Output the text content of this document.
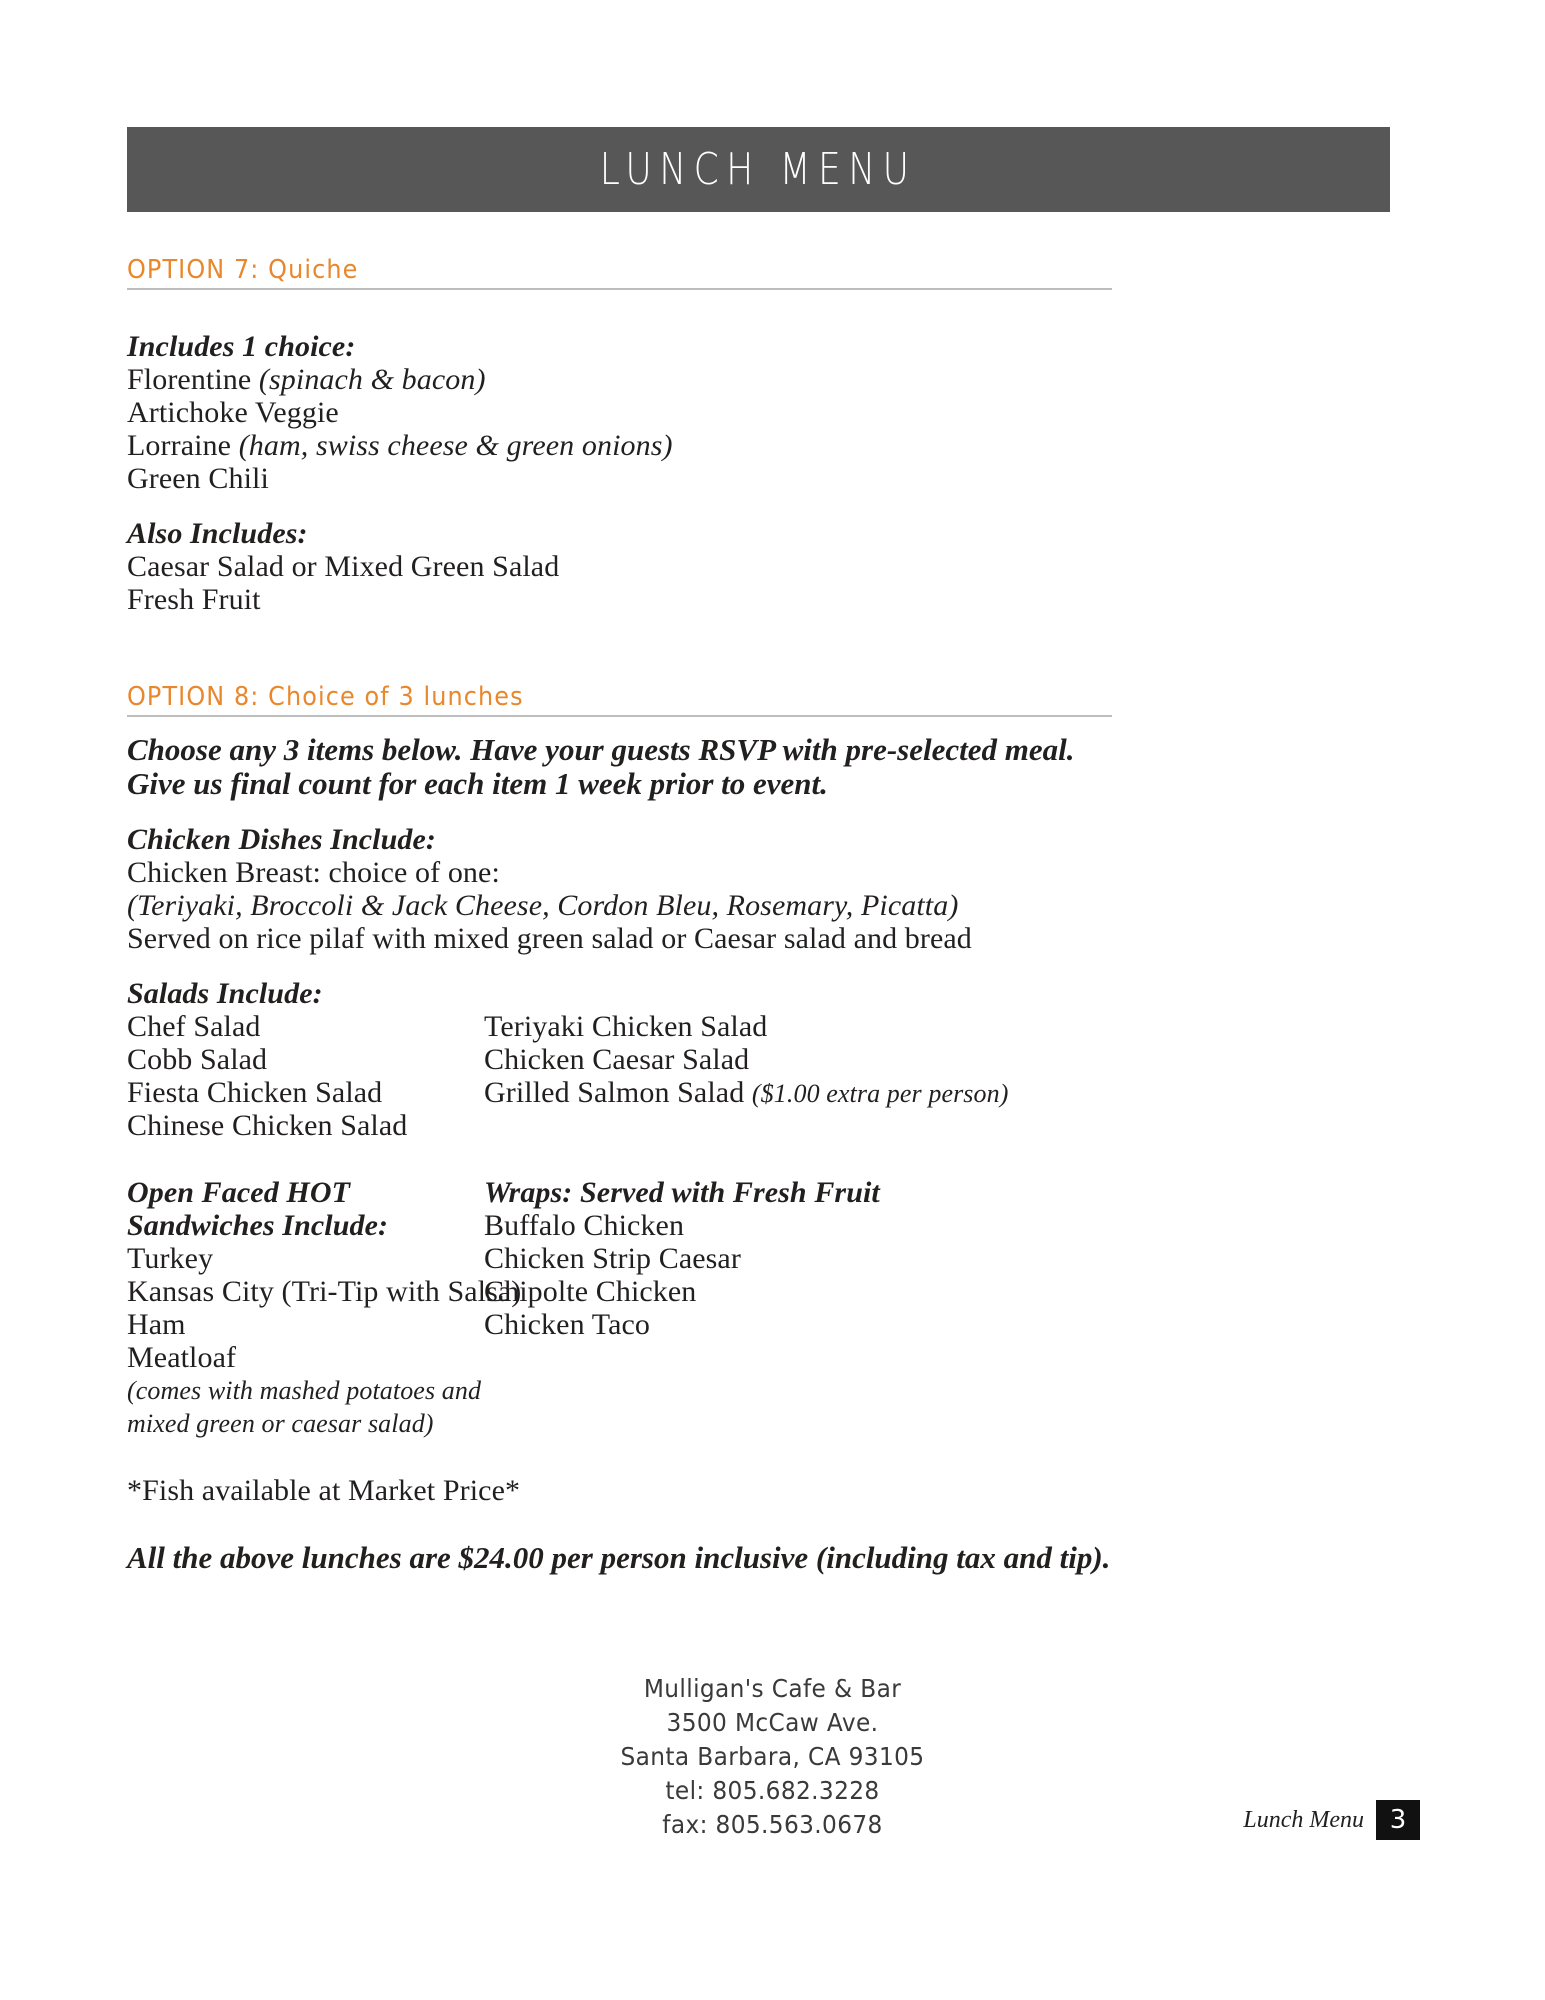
LUNCH MENU
OPTION 7: Quiche
Includes 1 choice:
Florentine (spinach & bacon)
Artichoke Veggie
Lorraine (ham, swiss cheese & green onions)
Green Chili
Also Includes:
Caesar Salad or Mixed Green Salad
Fresh Fruit
OPTION 8: Choice of 3 lunches
Choose any 3 items below. Have your guests RSVP with pre-selected meal.
Give us final count for each item 1 week prior to event.
Chicken Dishes Include:
Chicken Breast: choice of one:
(Teriyaki, Broccoli & Jack Cheese, Cordon Bleu, Rosemary, Picatta)
Served on rice pilaf with mixed green salad or Caesar salad and bread
Salads Include:
Chef Salad
Cobb Salad
Fiesta Chicken Salad
Chinese Chicken Salad
Teriyaki Chicken Salad
Chicken Caesar Salad
Grilled Salmon Salad ($1.00 extra per person)
Open Faced HOT
Sandwiches Include:
Turkey
Kansas City (Tri-Tip with Salsa)
Ham
Meatloaf
(comes with mashed potatoes and
mixed green or caesar salad)
Wraps: Served with Fresh Fruit
Buffalo Chicken
Chicken Strip Caesar
Chipolte Chicken
Chicken Taco
*Fish available at Market Price*
All the above lunches are $24.00 per person inclusive (including tax and tip).
Mulligan's Cafe & Bar
3500 McCaw Ave.
Santa Barbara, CA 93105
tel: 805.682.3228
fax: 805.563.0678	Lunch Menu 3
